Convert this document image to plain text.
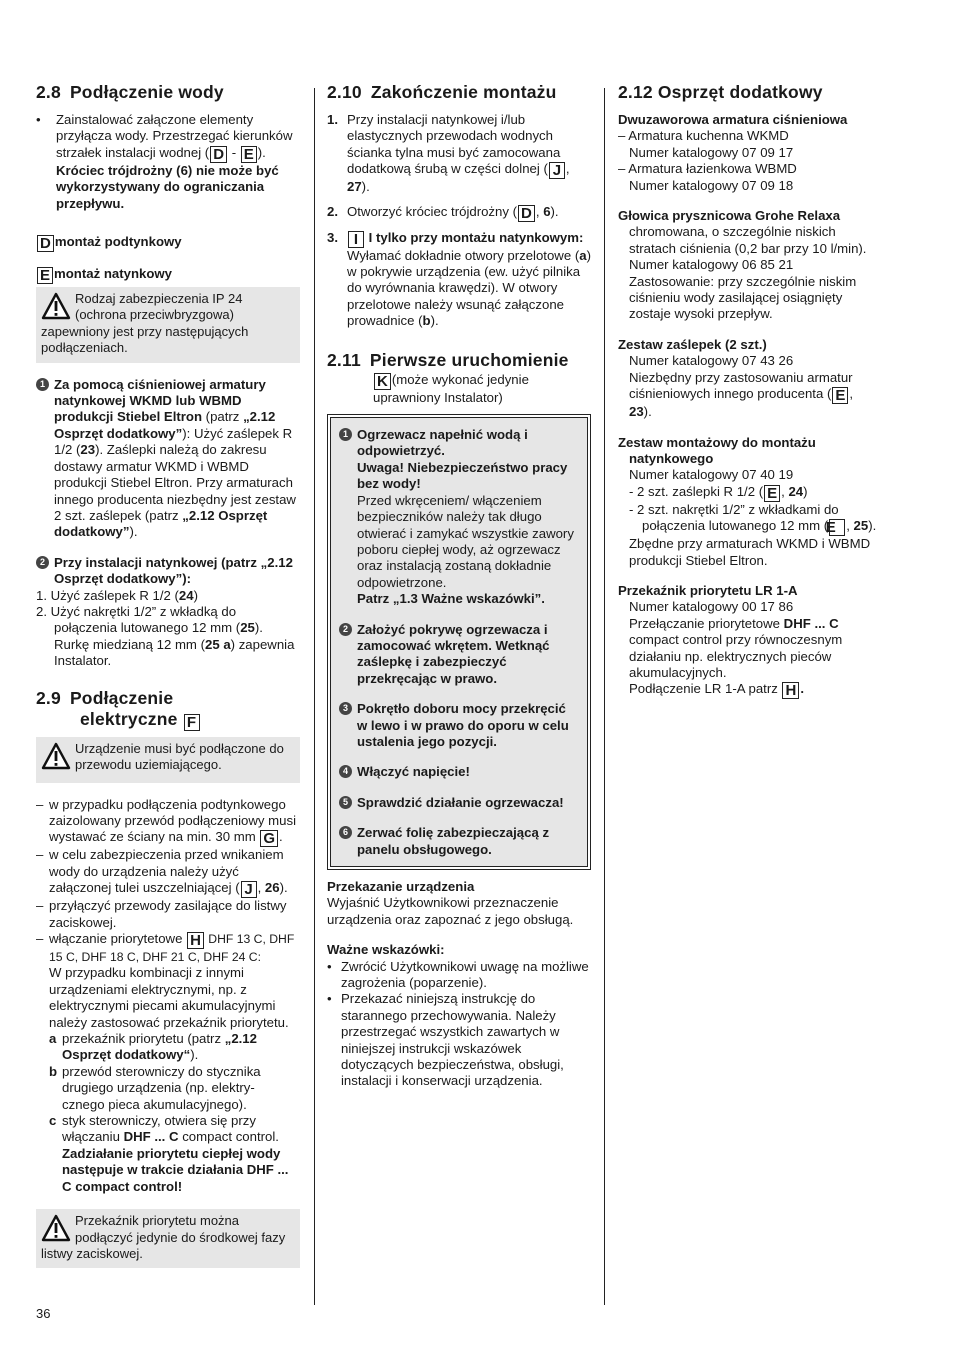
2.8 Podłączenie wody
• Zainstalować załączone elementy przyłącza wody. Przestrzegać kierunków strzałek instalacji wodnej ( D - E ).

Króciec trójdrożny (6) nie może być wykorzystywany do ograniczania przepływu.

D montaż podtynkowy

E montaż natynkowy

Rodzaj zabezpieczenia IP 24 (ochrona przeciwbryzgowa) zapewniony jest przy następujących podłączeniach.
1 Za pomocą ciśnieniowej armatury natynkowej WKMD lub WBMD produkcji Stiebel Eltron (patrz „2.12 Osprzęt dodatkowy”): Użyć zaślepek R 1/2 (23). Zaślepki należą do zakresu dostawy armatur WKMD i WBMD produkcji Stiebel Eltron. Przy armaturach innego producenta niezbędny jest zestaw 2 szt. zaślepek (patrz „2.12 Osprzęt dodatkowy”).

2 Przy instalacji natynkowej (patrz „2.12 Osprzęt dodatkowy”):

1. Użyć zaślepek R 1/2 (24)

2. Użyć nakrętki 1/2” z wkładką do połączenia lutowanego 12 mm (25). Rurkę miedzianą 12 mm (25 a) zapewnia Instalator.
2.9 Podłączenie
elektryczne F
Urządzenie musi być podłączone do przewodu uziemiającego.
– w przypadku podłączenia podtynkowego zaizolowany przewód podłączeniowy musi wystawać ze ściany na min. 30 mm G .
– w celu zabezpieczenia przed wnikaniem wody do urządzenia należy użyć załączonej tulei uszczelniającej ( J , 26).
– przyłączyć przewody zasilające do listwy zaciskowej.
– włączanie priorytetowe H DHF 13 C, DHF 15 C, DHF 18 C, DHF 21 C, DHF 24 C:

W przypadku kombinacji z innymi urządzeniami elektrycznymi, np. z elektrycznymi piecami akumulacyjnymi należy zastosować przekaźnik priorytetu.

a przekaźnik priorytetu (patrz „2.12 Osprzęt dodatkowy“).
b przewód sterowniczy do stycznika drugiego urządzenia (np. elektry- cznego pieca akumulacyjnego).
c styk sterowniczy, otwiera się przy włączaniu DHF ... C compact control.
Zadziałanie priorytetu ciepłej wody następuje w trakcie działania DHF ... C compact control!
Przekaźnik priorytetu można podłączyć jedynie do środkowej fazy listwy zaciskowej.
2.10 Zakończenie montażu
1. Przy instalacji natynkowej i/lub elastycznych przewodach wodnych ścianka tylna musi być zamocowana dodatkową śrubą w części dolnej ( J , 27).
2. Otworzyć króciec trójdrożny ( D , 6).
3. I I tylko przy montażu natynkowym:
Wyłamać dokładnie otwory przelotowe (a) w pokrywie urządzenia (ew. użyć pilnika do wyrównania krawędzi). W otwory przelotowe należy wsunąć załączone prowadnice (b).
2.11 Pierwsze uruchomienie

K (może wykonać jedynie uprawniony Instalator)

1 Ogrzewacz napełnić wodą i odpowietrzyć.
Uwaga! Niebezpieczeństwo pracy bez wody!
Przed wkręceniem/ włączeniem bezpieczników należy tak długo otwierać i zamykać wszystkie zawory poboru ciepłej wody, aż ogrzewacz oraz instalacją zostaną dokładnie odpowietrzone.
Patrz „1.3 Ważne wskazówki”.
2 Założyć pokrywę ogrzewacza i zamocować wkrętem. Wetknąć zaślepkę i zabezpieczyć przekręcając w prawo.
3 Pokrętło doboru mocy przekręcić w lewo i w prawo do oporu w celu ustalenia jego pozycji.
4 Włączyć napięcie!
5 Sprawdzić działanie ogrzewacza!
6 Zerwać folię zabezpieczającą z panelu obsługowego.

Przekazanie urządzenia

Wyjaśnić Użytkownikowi przeznaczenie urządzenia oraz zapoznać z jego obsługą.

Ważne wskazówki:

• Zwrócić Użytkownikowi uwagę na możliwe zagrożenia (poparzenie).
• Przekazać niniejszą instrukcję do starannego przechowywania. Należy przestrzegać wszystkich zawartych w niniejszej instrukcji wskazówek dotyczących bezpieczeństwa, obsługi, instalacji i konserwacji urządzenia.
2.12 Osprzęt dodatkowy

Dwuzaworowa armatura ciśnieniowa

– Armatura kuchenna WKMD

Numer katalogowy 07 09 17

– Armatura łazienkowa WBMD

Numer katalogowy 07 09 18

Głowica prysznicowa Grohe Relaxa

chromowana, o szczególnie niskich stratach ciśnienia (0,2 bar przy 10 l/min).

Numer katalogowy 06 85 21

Zastosowanie: przy szczególnie niskim ciśnieniu wody zasilającej osiągnięty zostaje wysoki przepływ.

Zestaw zaślepek (2 szt.)

Numer katalogowy 07 43 26

Niezbędny przy zastosowaniu armatur ciśnieniowych innego producenta ( E , 23).

Zestaw montażowy do montażu

natynkowego

Numer katalogowy 07 40 19

- 2 szt. zaślepki R 1/2 ( E , 24)

- 2 szt. nakrętki 1/2” z wkładkami do połączenia lutowanego 12 mm (E , 25).

Zbędne przy armaturach WKMD i WBMD produkcji Stiebel Eltron.

Przekaźnik priorytetu LR 1-A

Numer katalogowy 00 17 86

Przełączanie priorytetowe DHF ... C compact control przy równoczesnym działaniu np. elektrycznych pieców akumulacyjnych.

Podłączenie LR 1-A patrz H .

36
